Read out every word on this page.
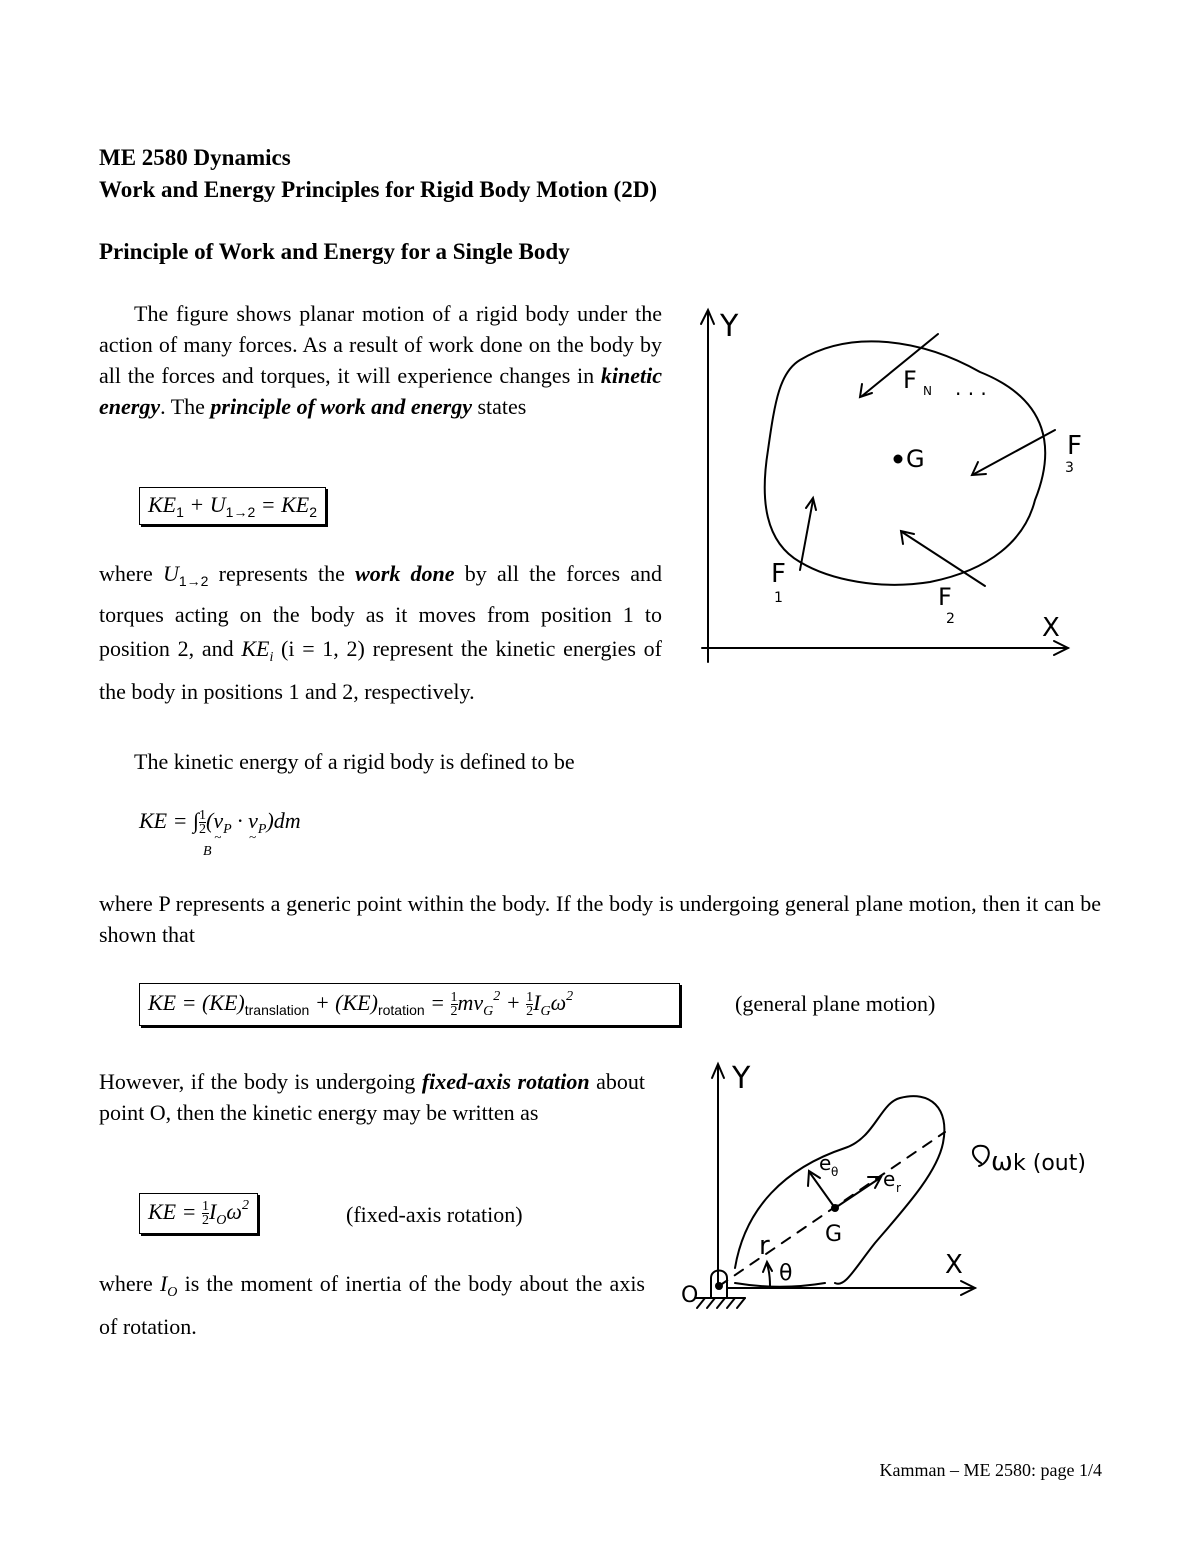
ME 2580 Dynamics
Work and Energy Principles for Rigid Body Motion (2D)
Principle of Work and Energy for a Single Body
The figure shows planar motion of a rigid body under the action of many forces. As a result of work done on the body by all the forces and torques, it will experience changes in kinetic energy. The principle of work and energy states
$KE_1 + U_{1\to 2} = KE_2$
where $U_{1\to 2}$ represents the work done by all the forces and torques acting on the body as it moves from position 1 to position 2, and $KE_i$ (i = 1, 2) represent the kinetic energies of the body in positions 1 and 2, respectively.
The kinetic energy of a rigid body is defined to be
KE = ∫ $\frac{1}{2} (v$ $\sim_P \cdot v$ $\sim_P)dm$
B
where P represents a generic point within the body. If the body is undergoing general plane motion, then it can be shown that
KE = $(KE)_{translation} + (KE)_{rotation} = \frac{1}{2} mv_G^2 + \frac{1}{2} I_G\omega^2$	(general plane motion)
However, if the body is undergoing fixed-axis rotation about point O, then the kinetic energy may be written as
KE = $\frac{1}{2} I_O\omega^2$	(fixed-axis rotation)
where $I_O$ is the moment of inertia of the body about the axis of rotation.
Y
X
G
. . .
F N
F
3
F
1	F
2
Y
X
O
G
r
θ
e θ e r
ω k (out)
Kamman – ME 2580: page 1/4
